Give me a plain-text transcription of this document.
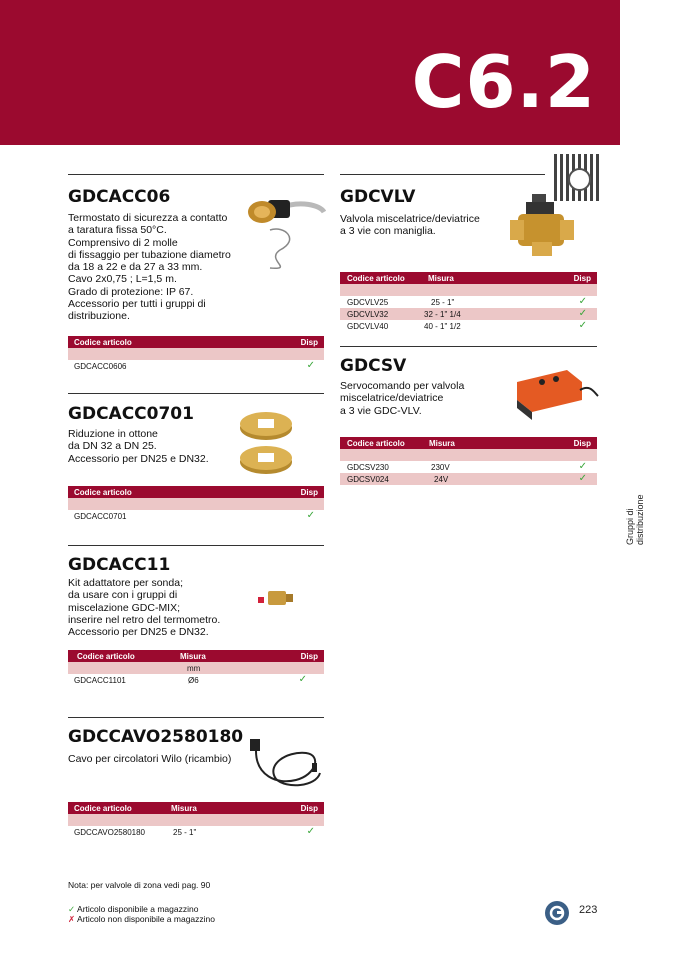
C6.2
GDCACC06
Termostato di sicurezza a contatto
a taratura fissa 50°C.
Comprensivo di 2 molle
di fissaggio per tubazione diametro
da 18 a 22 e da 27 a 33 mm.
Cavo 2x0,75 ; L=1,5 m.
Grado di protezione: IP 67.
Accessorio per tutti i gruppi di
distribuzione.
Codice articolo	Disp
GDCACC0606	✓
GDCACC0701
Riduzione in ottone
da DN 32 a DN 25.
Accessorio per DN25 e DN32.
Codice articolo	Disp
GDCACC0701	✓
GDCACC11
Kit adattatore per sonda;
da usare con i gruppi di
miscelazione GDC-MIX;
inserire nel retro del termometro.
Accessorio per DN25 e DN32.
Codice articolo	Misura	Disp
mm
GDCACC1101	Ø6	✓
GDCCAVO2580180
Cavo per circolatori Wilo (ricambio)
Codice articolo	Misura	Disp
GDCCAVO2580180	25 - 1"	✓
GDCVLV
Valvola miscelatrice/deviatrice
a 3 vie con maniglia.
Codice articolo	Misura	Disp
GDCVLV25	25 - 1"	✓
GDCVLV32	32 - 1" 1/4	✓
GDCVLV40	40 - 1" 1/2	✓
GDCSV
Servocomando per valvola
miscelatrice/deviatrice
a 3 vie GDC-VLV.
Codice articolo	Misura	Disp
GDCSV230	230V	✓
GDCSV024	24V	✓
Gruppi di distribuzione
Nota: per valvole di zona vedi pag. 90
✓ Articolo disponibile a magazzino
✗ Articolo non disponibile a magazzino
223
